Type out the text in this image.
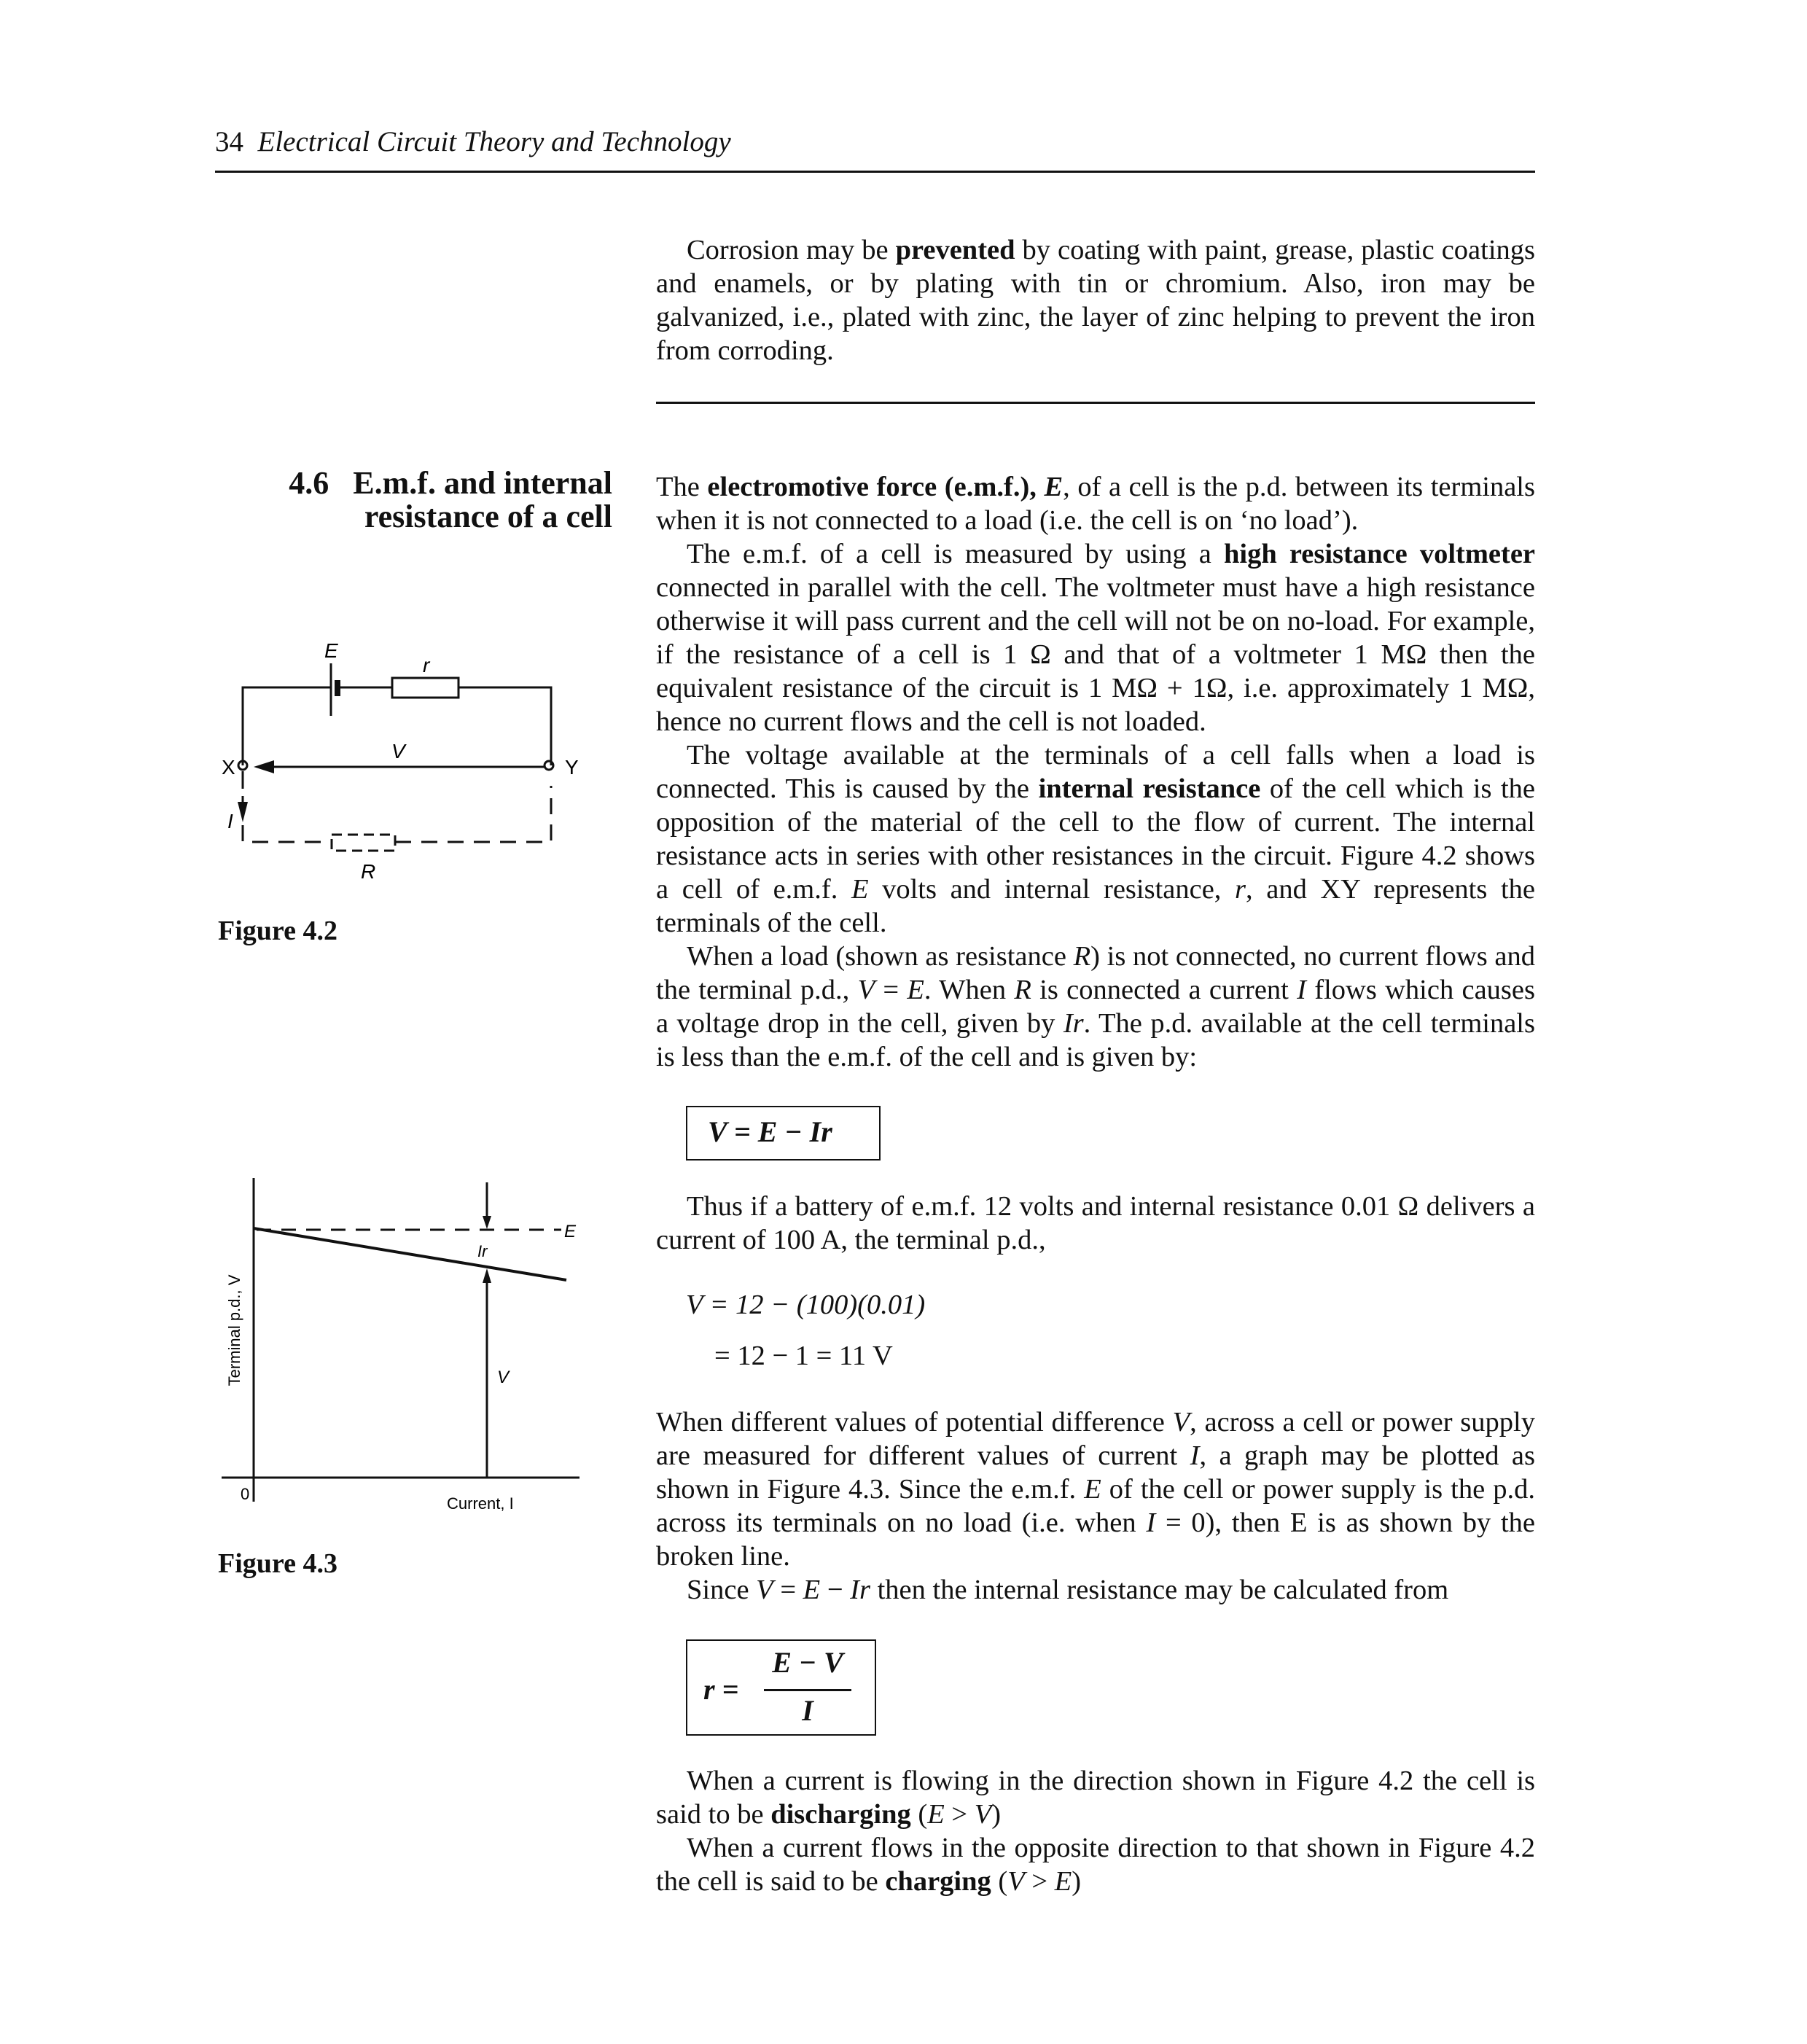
34 Electrical Circuit Theory and Technology

Corrosion may be prevented by coating with paint, grease, plastic coatings and enamels, or by plating with tin or chromium. Also, iron may be galvanized, i.e., plated with zinc, the layer of zinc helping to prevent the iron from corroding.

4.6 E.m.f. and internal
resistance of a cell

The electromotive force (e.m.f.), E, of a cell is the p.d. between its terminals when it is not connected to a load (i.e. the cell is on ‘no load’).

The e.m.f. of a cell is measured by using a high resistance voltmeter connected in parallel with the cell. The voltmeter must have a high resistance otherwise it will pass current and the cell will not be on no-load. For example, if the resistance of a cell is 1 Ω and that of a voltmeter 1 MΩ then the equivalent resistance of the circuit is 1 MΩ + 1Ω, i.e. approximately 1 MΩ, hence no current flows and the cell is not loaded.

The voltage available at the terminals of a cell falls when a load is connected. This is caused by the internal resistance of the cell which is the opposition of the material of the cell to the flow of current. The internal resistance acts in series with other resistances in the circuit. Figure 4.2 shows a cell of e.m.f. E volts and internal resistance, r, and XY represents the terminals of the cell.

When a load (shown as resistance R) is not connected, no current flows and the terminal p.d., V = E. When R is connected a current I flows which causes a voltage drop in the cell, given by Ir. The p.d. available at the cell terminals is less than the e.m.f. of the cell and is given by:

V = E − Ir

Thus if a battery of e.m.f. 12 volts and internal resistance 0.01 Ω delivers a current of 100 A, the terminal p.d.,

V = 12 − (100)(0.01)
= 12 − 1 = 11 V

When different values of potential difference V, across a cell or power supply are measured for different values of current I, a graph may be plotted as shown in Figure 4.3. Since the e.m.f. E of the cell or power supply is the p.d. across its terminals on no load (i.e. when I = 0), then E is as shown by the broken line.

Since V = E − Ir then the internal resistance may be calculated from

r =
E − V
I

When a current is flowing in the direction shown in Figure 4.2 the cell is said to be discharging (E > V)

When a current flows in the opposite direction to that shown in Figure 4.2 the cell is said to be charging (V > E)

E
r
V
X	Y
I
R
Figure 4.2
E
Ir
V
0
Current, I
Terminal p.d., V
Figure 4.3
